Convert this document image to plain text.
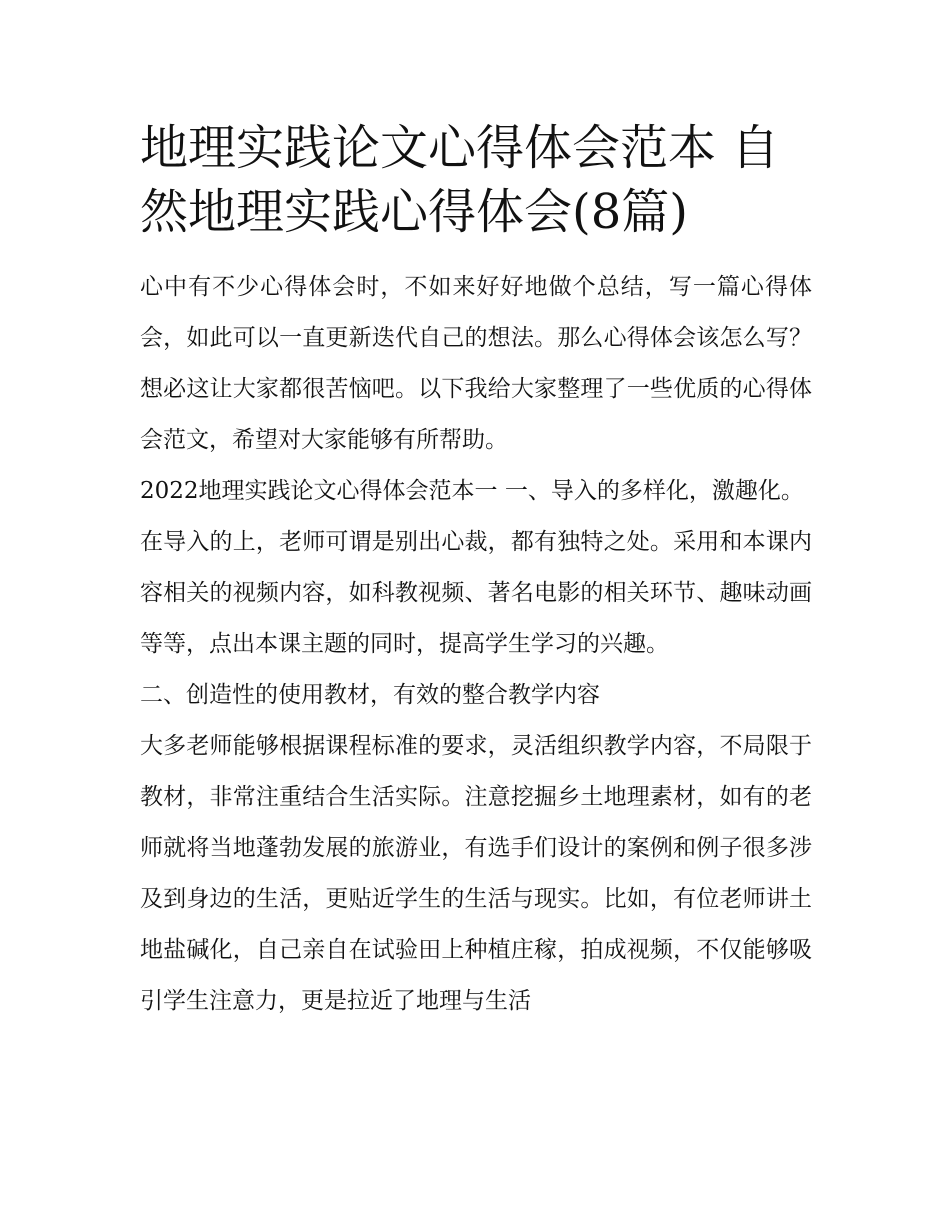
地理实践论文心得体会范本 自然地理实践心得体会(8篇)

心中有不少心得体会时，不如来好好地做个总结，写一篇心得体会，如此可以一直更新迭代自己的想法。那么心得体会该怎么写？想必这让大家都很苦恼吧。以下我给大家整理了一些优质的心得体会范文，希望对大家能够有所帮助。

2022地理实践论文心得体会范本一 一、导入的多样化，激趣化。

在导入的上，老师可谓是别出心裁，都有独特之处。采用和本课内容相关的视频内容，如科教视频、著名电影的相关环节、趣味动画等等，点出本课主题的同时，提高学生学习的兴趣。

二、创造性的使用教材，有效的整合教学内容

大多老师能够根据课程标准的要求，灵活组织教学内容，不局限于教材，非常注重结合生活实际。注意挖掘乡土地理素材，如有的老师就将当地蓬勃发展的旅游业，有选手们设计的案例和例子很多涉及到身边的生活，更贴近学生的生活与现实。比如，有位老师讲土地盐碱化，自己亲自在试验田上种植庄稼，拍成视频，不仅能够吸引学生注意力，更是拉近了地理与生活
